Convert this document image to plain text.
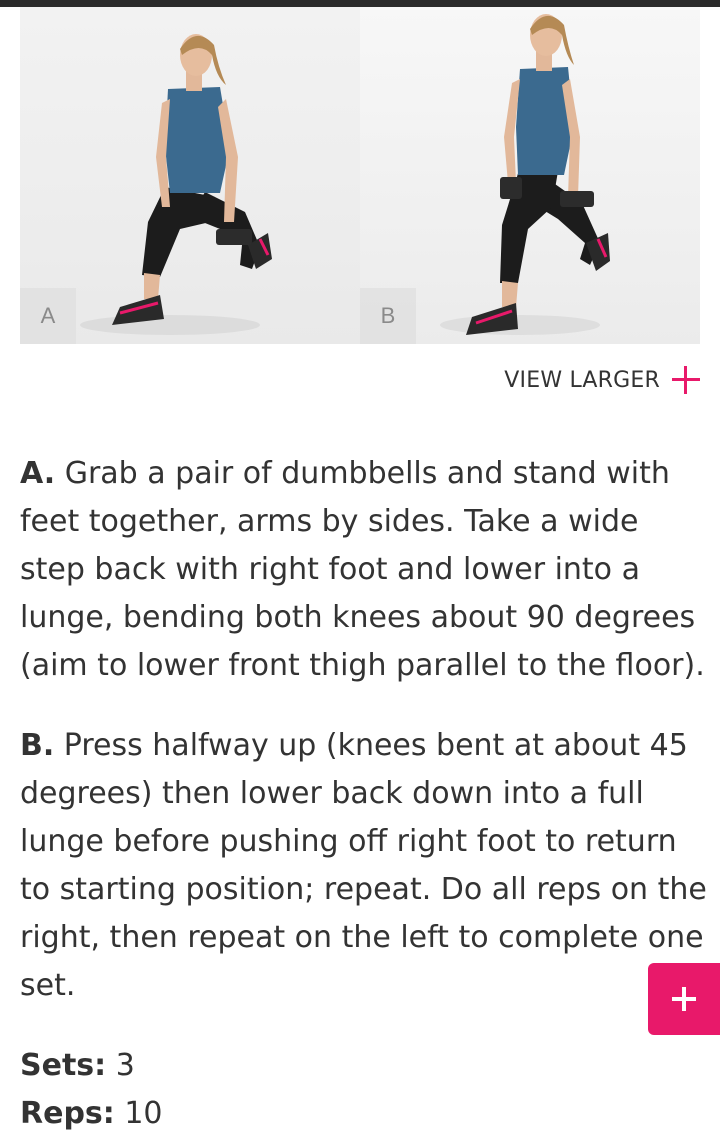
A	B
VIEW LARGER

A. Grab a pair of dumbbells and stand with feet together, arms by sides. Take a wide step back with right foot and lower into a lunge, bending both knees about 90 degrees (aim to lower front thigh parallel to the floor).

B. Press halfway up (knees bent at about 45 degrees) then lower back down into a full lunge before pushing off right foot to return to starting position; repeat. Do all reps on the right, then repeat on the left to complete one set.

Sets: 3
Reps: 10
